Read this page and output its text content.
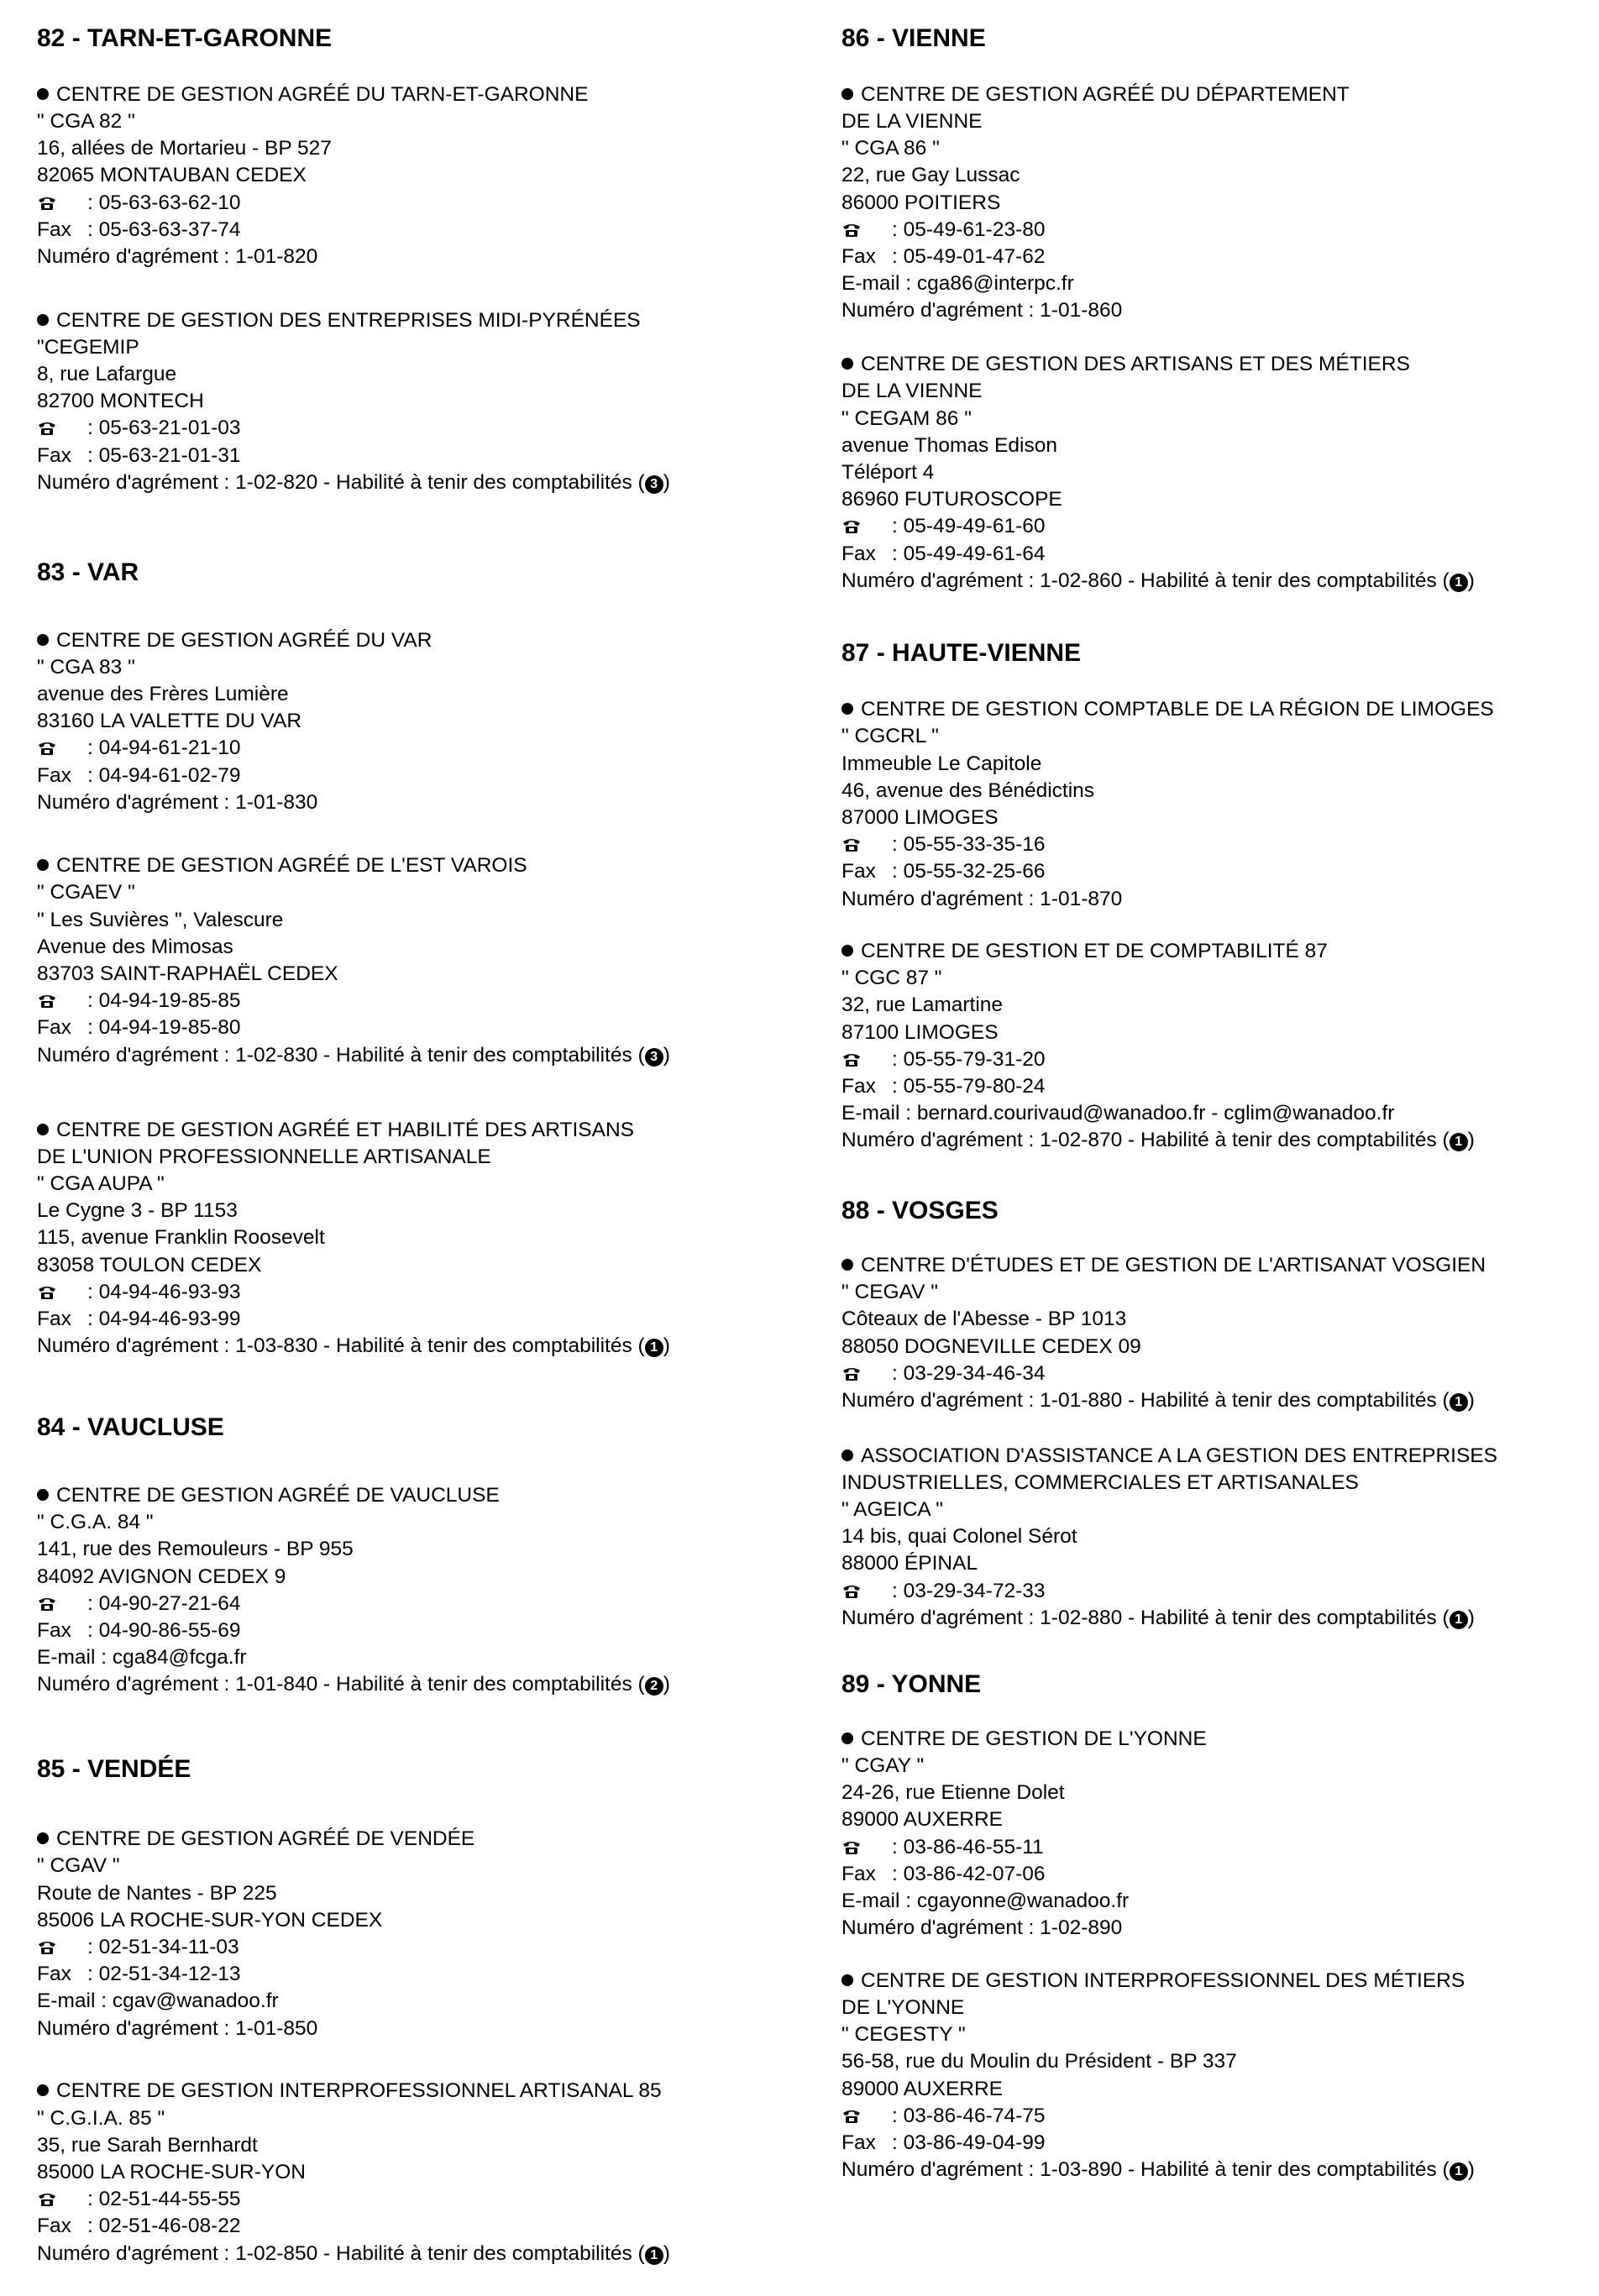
82 - TARN-ET-GARONNE
CENTRE DE GESTION AGRÉÉ DU TARN-ET-GARONNE
" CGA 82 "
16, allées de Mortarieu - BP 527
82065 MONTAUBAN CEDEX
: 05-63-63-62-10
Fax : 05-63-63-37-74
Numéro d'agrément : 1-01-820
CENTRE DE GESTION DES ENTREPRISES MIDI-PYRÉNÉES
"CEGEMIP
8, rue Lafargue
82700 MONTECH
: 05-63-21-01-03
Fax : 05-63-21-01-31
Numéro d'agrément : 1-02-820 - Habilité à tenir des comptabilités ( 3 )
83 - VAR
CENTRE DE GESTION AGRÉÉ DU VAR
" CGA 83 "
avenue des Frères Lumière
83160 LA VALETTE DU VAR
: 04-94-61-21-10
Fax : 04-94-61-02-79
Numéro d'agrément : 1-01-830
CENTRE DE GESTION AGRÉÉ DE L'EST VAROIS
" CGAEV "
" Les Suvières ", Valescure
Avenue des Mimosas
83703 SAINT-RAPHAËL CEDEX
: 04-94-19-85-85
Fax : 04-94-19-85-80
Numéro d'agrément : 1-02-830 - Habilité à tenir des comptabilités ( 3 )
CENTRE DE GESTION AGRÉÉ ET HABILITÉ DES ARTISANS
DE L'UNION PROFESSIONNELLE ARTISANALE
" CGA AUPA "
Le Cygne 3 - BP 1153
115, avenue Franklin Roosevelt
83058 TOULON CEDEX
: 04-94-46-93-93
Fax : 04-94-46-93-99
Numéro d'agrément : 1-03-830 - Habilité à tenir des comptabilités ( 1 )
84 - VAUCLUSE
CENTRE DE GESTION AGRÉÉ DE VAUCLUSE
" C.G.A. 84 "
141, rue des Remouleurs - BP 955
84092 AVIGNON CEDEX 9
: 04-90-27-21-64
Fax : 04-90-86-55-69
E-mail : cga84@fcga.fr
Numéro d'agrément : 1-01-840 - Habilité à tenir des comptabilités ( 2 )
85 - VENDÉE
CENTRE DE GESTION AGRÉÉ DE VENDÉE
" CGAV "
Route de Nantes - BP 225
85006 LA ROCHE-SUR-YON CEDEX
: 02-51-34-11-03
Fax : 02-51-34-12-13
E-mail : cgav@wanadoo.fr
Numéro d'agrément : 1-01-850
CENTRE DE GESTION INTERPROFESSIONNEL ARTISANAL 85
" C.G.I.A. 85 "
35, rue Sarah Bernhardt
85000 LA ROCHE-SUR-YON
: 02-51-44-55-55
Fax : 02-51-46-08-22
Numéro d'agrément : 1-02-850 - Habilité à tenir des comptabilités ( 1 )
86 - VIENNE
CENTRE DE GESTION AGRÉÉ DU DÉPARTEMENT
DE LA VIENNE
" CGA 86 "
22, rue Gay Lussac
86000 POITIERS
: 05-49-61-23-80
Fax : 05-49-01-47-62
E-mail : cga86@interpc.fr
Numéro d'agrément : 1-01-860
CENTRE DE GESTION DES ARTISANS ET DES MÉTIERS
DE LA VIENNE
" CEGAM 86 "
avenue Thomas Edison
Téléport 4
86960 FUTUROSCOPE
: 05-49-49-61-60
Fax : 05-49-49-61-64
Numéro d'agrément : 1-02-860 - Habilité à tenir des comptabilités ( 1 )
87 - HAUTE-VIENNE
CENTRE DE GESTION COMPTABLE DE LA RÉGION DE LIMOGES
" CGCRL "
Immeuble Le Capitole
46, avenue des Bénédictins
87000 LIMOGES
: 05-55-33-35-16
Fax : 05-55-32-25-66
Numéro d'agrément : 1-01-870
CENTRE DE GESTION ET DE COMPTABILITÉ 87
" CGC 87 "
32, rue Lamartine
87100 LIMOGES
: 05-55-79-31-20
Fax : 05-55-79-80-24
E-mail : bernard.courivaud@wanadoo.fr - cglim@wanadoo.fr
Numéro d'agrément : 1-02-870 - Habilité à tenir des comptabilités ( 1 )
88 - VOSGES
CENTRE D'ÉTUDES ET DE GESTION DE L'ARTISANAT VOSGIEN
" CEGAV "
Côteaux de l'Abesse - BP 1013
88050 DOGNEVILLE CEDEX 09
: 03-29-34-46-34
Numéro d'agrément : 1-01-880 - Habilité à tenir des comptabilités ( 1 )
ASSOCIATION D'ASSISTANCE A LA GESTION DES ENTREPRISES
INDUSTRIELLES, COMMERCIALES ET ARTISANALES
" AGEICA "
14 bis, quai Colonel Sérot
88000 ÉPINAL
: 03-29-34-72-33
Numéro d'agrément : 1-02-880 - Habilité à tenir des comptabilités ( 1 )
89 - YONNE
CENTRE DE GESTION DE L'YONNE
" CGAY "
24-26, rue Etienne Dolet
89000 AUXERRE
: 03-86-46-55-11
Fax : 03-86-42-07-06
E-mail : cgayonne@wanadoo.fr
Numéro d'agrément : 1-02-890
CENTRE DE GESTION INTERPROFESSIONNEL DES MÉTIERS
DE L'YONNE
" CEGESTY "
56-58, rue du Moulin du Président - BP 337
89000 AUXERRE
: 03-86-46-74-75
Fax : 03-86-49-04-99
Numéro d'agrément : 1-03-890 - Habilité à tenir des comptabilités ( 1 )
